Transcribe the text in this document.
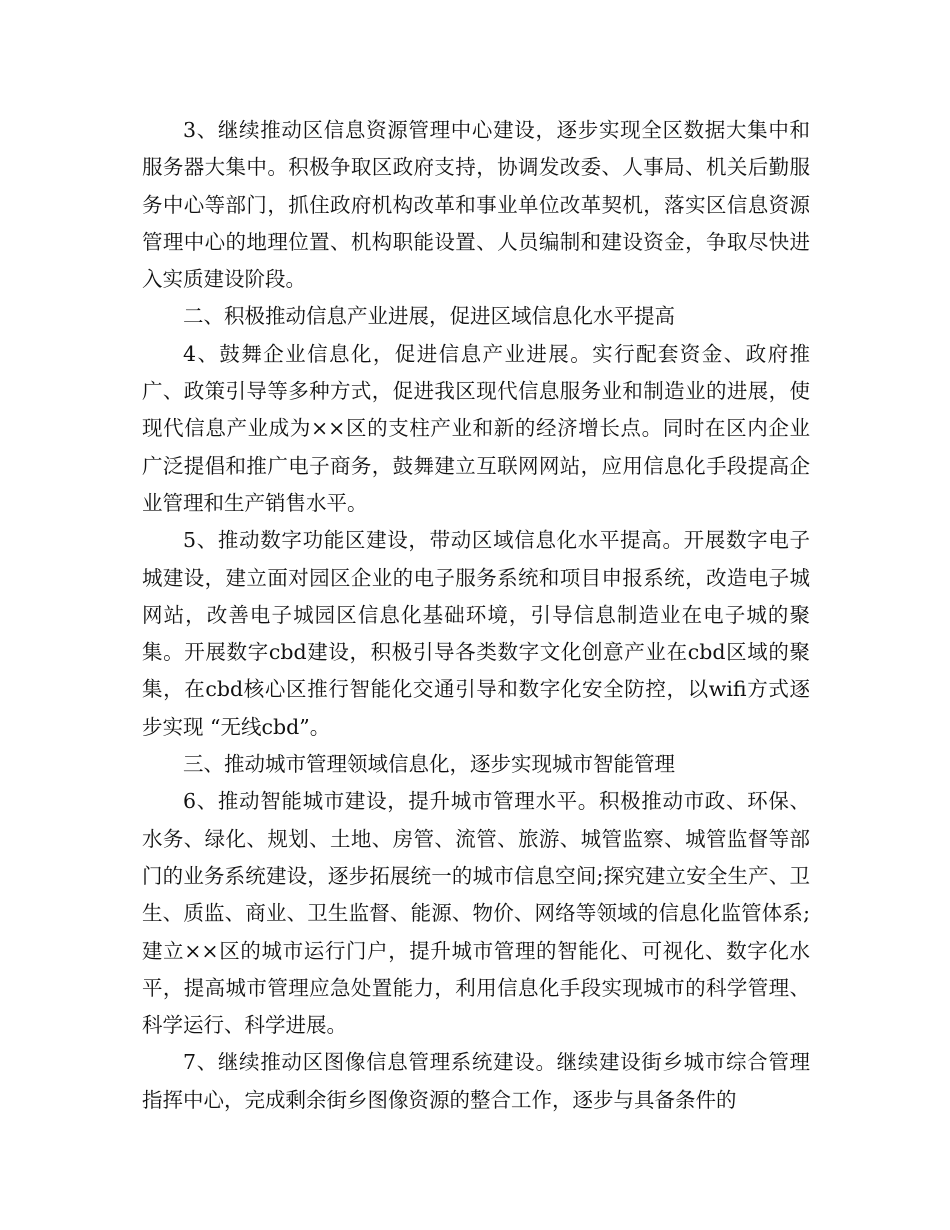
3、继续推动区信息资源管理中心建设，逐步实现全区数据大集中和服务器大集中。积极争取区政府支持，协调发改委、人事局、机关后勤服务中心等部门，抓住政府机构改革和事业单位改革契机，落实区信息资源管理中心的地理位置、机构职能设置、人员编制和建设资金，争取尽快进入实质建设阶段。

二、积极推动信息产业进展，促进区域信息化水平提高

4、鼓舞企业信息化，促进信息产业进展。实行配套资金、政府推广、政策引导等多种方式，促进我区现代信息服务业和制造业的进展，使现代信息产业成为××区的支柱产业和新的经济增长点。同时在区内企业广泛提倡和推广电子商务，鼓舞建立互联网网站，应用信息化手段提高企业管理和生产销售水平。

5、推动数字功能区建设，带动区域信息化水平提高。开展数字电子城建设，建立面对园区企业的电子服务系统和项目申报系统，改造电子城网站，改善电子城园区信息化基础环境，引导信息制造业在电子城的聚集。开展数字cbd建设，积极引导各类数字文化创意产业在cbd区域的聚集，在cbd核心区推行智能化交通引导和数字化安全防控，以wifi方式逐步实现 “无线cbd”。

三、推动城市管理领域信息化，逐步实现城市智能管理

6、推动智能城市建设，提升城市管理水平。积极推动市政、环保、水务、绿化、规划、土地、房管、流管、旅游、城管监察、城管监督等部门的业务系统建设，逐步拓展统一的城市信息空间;探究建立安全生产、卫生、质监、商业、卫生监督、能源、物价、网络等领域的信息化监管体系;建立××区的城市运行门户，提升城市管理的智能化、可视化、数字化水平，提高城市管理应急处置能力，利用信息化手段实现城市的科学管理、科学运行、科学进展。

7、继续推动区图像信息管理系统建设。继续建设街乡城市综合管理指挥中心，完成剩余街乡图像资源的整合工作，逐步与具备条件的
